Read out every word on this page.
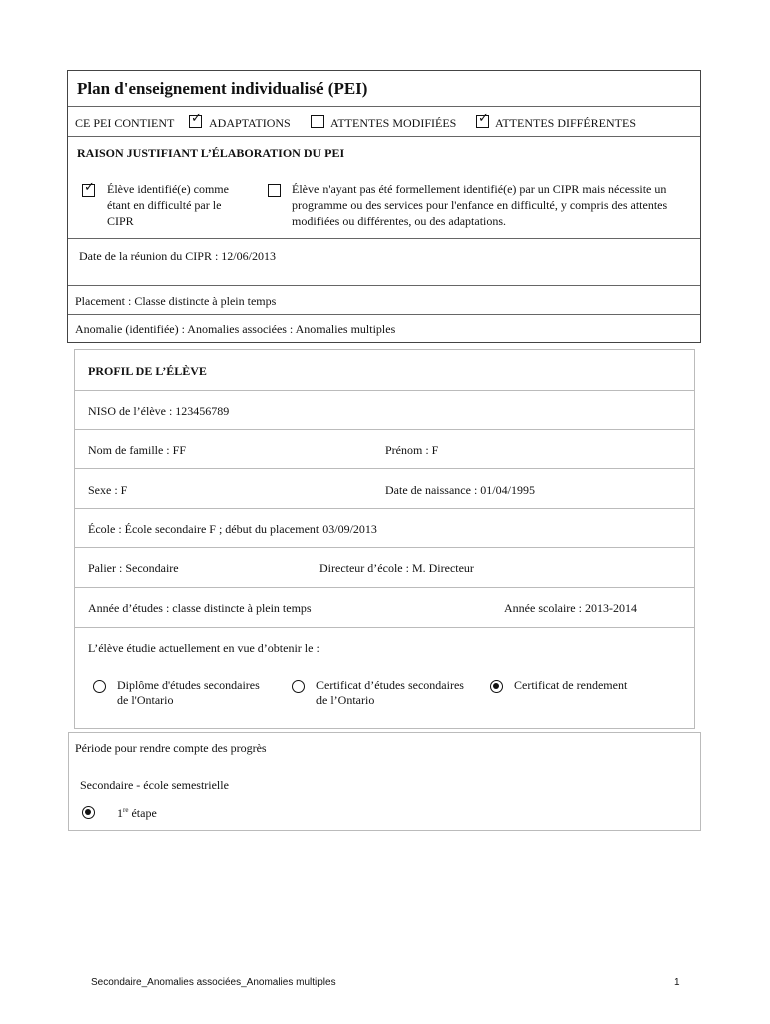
Plan d'enseignement individualisé (PEI)
CE PEI CONTIENT ✓ ADAPTATIONS	ATTENTES MODIFIÉES ✓ ATTENTES DIFFÉRENTES
RAISON JUSTIFIANT L’ÉLABORATION DU PEI
✓ Élève identifié(e) comme étant en difficulté par le CIPR
Élève n'ayant pas été formellement identifié(e) par un CIPR mais nécessite un programme ou des services pour l'enfance en difficulté, y compris des attentes modifiées ou différentes, ou des adaptations.
Date de la réunion du CIPR : 12/06/2013
Placement : Classe distincte à plein temps
Anomalie (identifiée) : Anomalies associées : Anomalies multiples
PROFIL DE L’ÉLÈVE
NISO de l’élève : 123456789
Nom de famille : FF	Prénom : F
Sexe : F	Date de naissance : 01/04/1995
École : École secondaire F ; début du placement 03/09/2013
Palier : Secondaire	Directeur d’école : M. Directeur
Année d’études : classe distincte à plein temps	Année scolaire : 2013-2014
L’élève étudie actuellement en vue d’obtenir le :
Diplôme d'études secondaires
de l'Ontario
Certificat d’études secondaires
de l’Ontario
Certificat de rendement
Période pour rendre compte des progrès
Secondaire - école semestrielle
1re étape
Secondaire_Anomalies associées_Anomalies multiples	1
